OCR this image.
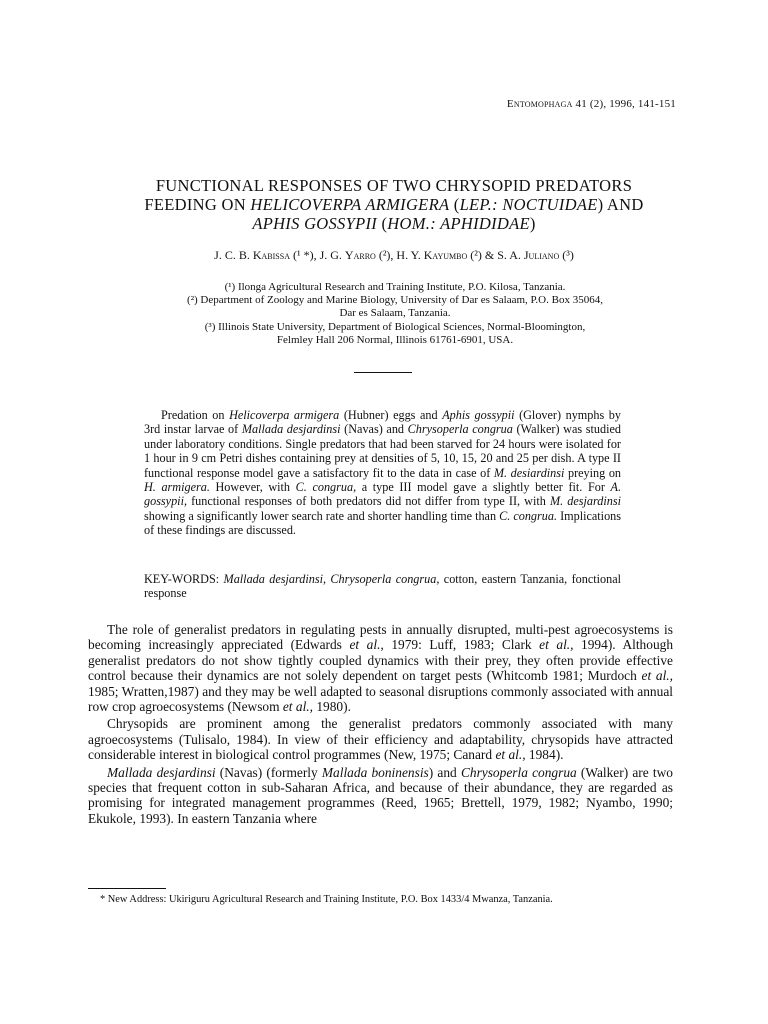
Entomophaga 41 (2), 1996, 141-151
FUNCTIONAL RESPONSES OF TWO CHRYSOPID PREDATORS
FEEDING ON HELICOVERPA ARMIGERA (LEP.: NOCTUIDAE) AND
APHIS GOSSYPII (HOM.: APHIDIDAE)
J. C. B. Kabissa (¹ *), J. G. Yarro (²), H. Y. Kayumbo (²) & S. A. Juliano (³)

(¹) Ilonga Agricultural Research and Training Institute, P.O. Kilosa, Tanzania.

(²) Department of Zoology and Marine Biology, University of Dar es Salaam, P.O. Box 35064,

Dar es Salaam, Tanzania.

(³) Illinois State University, Department of Biological Sciences, Normal-Bloomington,

Felmley Hall 206 Normal, Illinois 61761-6901, USA.

Predation on Helicoverpa armigera (Hubner) eggs and Aphis gossypii (Glover) nymphs by 3rd instar larvae of Mallada desjardinsi (Navas) and Chrysoperla congrua (Walker) was studied under laboratory conditions. Single predators that had been starved for 24 hours were isolated for 1 hour in 9 cm Petri dishes containing prey at densities of 5, 10, 15, 20 and 25 per dish. A type II functional response model gave a satisfactory fit to the data in case of M. desiardinsi preying on H. armigera. However, with C. congrua, a type III model gave a slightly better fit. For A. gossypii, functional responses of both predators did not differ from type II, with M. desjardinsi showing a significantly lower search rate and shorter handling time than C. congrua. Implications of these findings are discussed.

KEY-WORDS: Mallada desjardinsi, Chrysoperla congrua, cotton, eastern Tanzania, fonctional response

The role of generalist predators in regulating pests in annually disrupted, multi-pest agroecosystems is becoming increasingly appreciated (Edwards et al., 1979: Luff, 1983; Clark et al., 1994). Although generalist predators do not show tightly coupled dynamics with their prey, they often provide effective control because their dynamics are not solely dependent on target pests (Whitcomb 1981; Murdoch et al., 1985; Wratten,1987) and they may be well adapted to seasonal disruptions commonly associated with annual row crop agroecosystems (Newsom et al., 1980).

Chrysopids are prominent among the generalist predators commonly associated with many agroecosystems (Tulisalo, 1984). In view of their efficiency and adaptability, chrysopids have attracted considerable interest in biological control programmes (New, 1975; Canard et al., 1984).

Mallada desjardinsi (Navas) (formerly Mallada boninensis) and Chrysoperla congrua (Walker) are two species that frequent cotton in sub-Saharan Africa, and because of their abundance, they are regarded as promising for integrated management programmes (Reed, 1965; Brettell, 1979, 1982; Nyambo, 1990; Ekukole, 1993). In eastern Tanzania where

* New Address: Ukiriguru Agricultural Research and Training Institute, P.O. Box 1433/4 Mwanza, Tanzania.
